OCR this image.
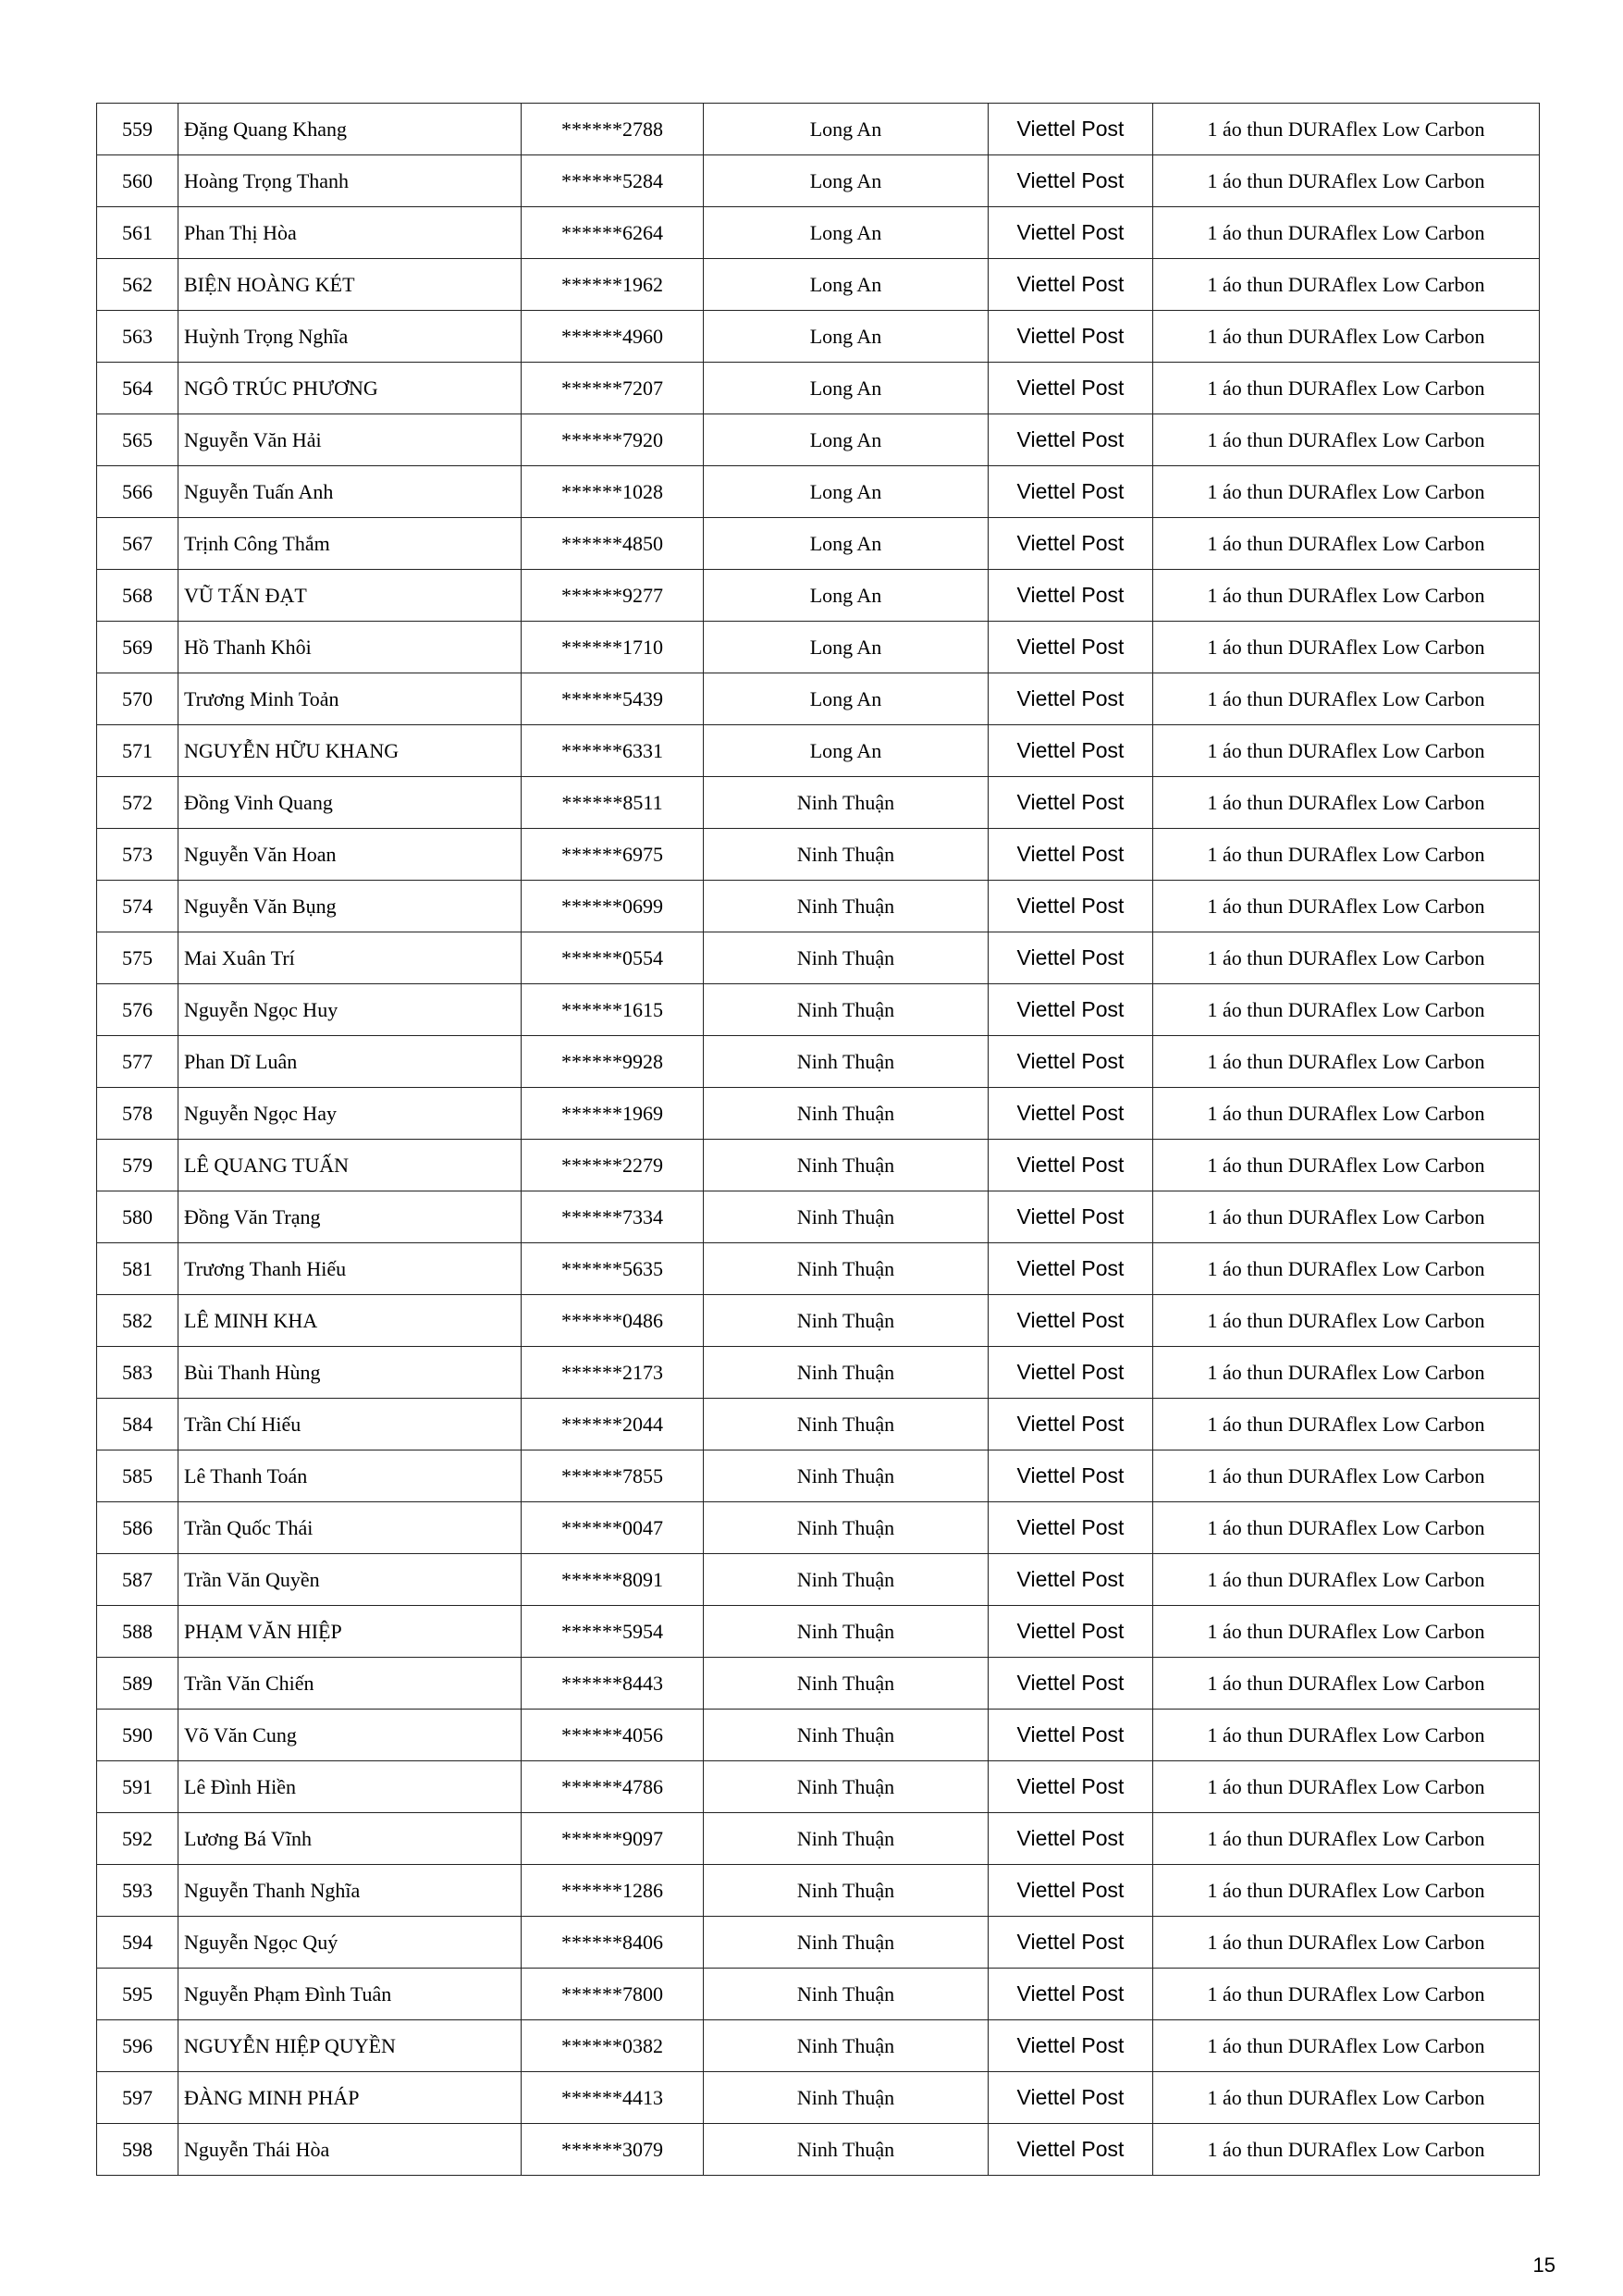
559	Đặng Quang Khang	******2788	Long An	Viettel Post	1 áo thun DURAflex Low Carbon
560	Hoàng Trọng Thanh	******5284	Long An	Viettel Post	1 áo thun DURAflex Low Carbon
561	Phan Thị Hòa	******6264	Long An	Viettel Post	1 áo thun DURAflex Low Carbon
562	BIỆN HOÀNG KÉT	******1962	Long An	Viettel Post	1 áo thun DURAflex Low Carbon
563	Huỳnh Trọng Nghĩa	******4960	Long An	Viettel Post	1 áo thun DURAflex Low Carbon
564	NGÔ TRÚC PHƯƠNG	******7207	Long An	Viettel Post	1 áo thun DURAflex Low Carbon
565	Nguyễn Văn Hải	******7920	Long An	Viettel Post	1 áo thun DURAflex Low Carbon
566	Nguyễn Tuấn Anh	******1028	Long An	Viettel Post	1 áo thun DURAflex Low Carbon
567	Trịnh Công Thắm	******4850	Long An	Viettel Post	1 áo thun DURAflex Low Carbon
568	VŨ TẤN ĐẠT	******9277	Long An	Viettel Post	1 áo thun DURAflex Low Carbon
569	Hồ Thanh Khôi	******1710	Long An	Viettel Post	1 áo thun DURAflex Low Carbon
570	Trương Minh Toản	******5439	Long An	Viettel Post	1 áo thun DURAflex Low Carbon
571	NGUYỄN HỮU KHANG	******6331	Long An	Viettel Post	1 áo thun DURAflex Low Carbon
572	Đồng Vinh Quang	******8511	Ninh Thuận	Viettel Post	1 áo thun DURAflex Low Carbon
573	Nguyễn Văn Hoan	******6975	Ninh Thuận	Viettel Post	1 áo thun DURAflex Low Carbon
574	Nguyễn Văn Bụng	******0699	Ninh Thuận	Viettel Post	1 áo thun DURAflex Low Carbon
575	Mai Xuân Trí	******0554	Ninh Thuận	Viettel Post	1 áo thun DURAflex Low Carbon
576	Nguyễn Ngọc Huy	******1615	Ninh Thuận	Viettel Post	1 áo thun DURAflex Low Carbon
577	Phan Dĩ Luân	******9928	Ninh Thuận	Viettel Post	1 áo thun DURAflex Low Carbon
578	Nguyễn Ngọc Hay	******1969	Ninh Thuận	Viettel Post	1 áo thun DURAflex Low Carbon
579	LÊ QUANG TUẤN	******2279	Ninh Thuận	Viettel Post	1 áo thun DURAflex Low Carbon
580	Đồng Văn Trạng	******7334	Ninh Thuận	Viettel Post	1 áo thun DURAflex Low Carbon
581	Trương Thanh Hiếu	******5635	Ninh Thuận	Viettel Post	1 áo thun DURAflex Low Carbon
582	LÊ MINH KHA	******0486	Ninh Thuận	Viettel Post	1 áo thun DURAflex Low Carbon
583	Bùi Thanh Hùng	******2173	Ninh Thuận	Viettel Post	1 áo thun DURAflex Low Carbon
584	Trần Chí Hiếu	******2044	Ninh Thuận	Viettel Post	1 áo thun DURAflex Low Carbon
585	Lê Thanh Toán	******7855	Ninh Thuận	Viettel Post	1 áo thun DURAflex Low Carbon
586	Trần Quốc Thái	******0047	Ninh Thuận	Viettel Post	1 áo thun DURAflex Low Carbon
587	Trần Văn Quyền	******8091	Ninh Thuận	Viettel Post	1 áo thun DURAflex Low Carbon
588	PHẠM VĂN HIỆP	******5954	Ninh Thuận	Viettel Post	1 áo thun DURAflex Low Carbon
589	Trần Văn Chiến	******8443	Ninh Thuận	Viettel Post	1 áo thun DURAflex Low Carbon
590	Võ Văn Cung	******4056	Ninh Thuận	Viettel Post	1 áo thun DURAflex Low Carbon
591	Lê Đình Hiền	******4786	Ninh Thuận	Viettel Post	1 áo thun DURAflex Low Carbon
592	Lương Bá Vĩnh	******9097	Ninh Thuận	Viettel Post	1 áo thun DURAflex Low Carbon
593	Nguyễn Thanh Nghĩa	******1286	Ninh Thuận	Viettel Post	1 áo thun DURAflex Low Carbon
594	Nguyễn Ngọc Quý	******8406	Ninh Thuận	Viettel Post	1 áo thun DURAflex Low Carbon
595	Nguyễn Phạm Đình Tuân	******7800	Ninh Thuận	Viettel Post	1 áo thun DURAflex Low Carbon
596	NGUYỄN HIỆP QUYỀN	******0382	Ninh Thuận	Viettel Post	1 áo thun DURAflex Low Carbon
597	ĐÀNG MINH PHÁP	******4413	Ninh Thuận	Viettel Post	1 áo thun DURAflex Low Carbon
598	Nguyễn Thái Hòa	******3079	Ninh Thuận	Viettel Post	1 áo thun DURAflex Low Carbon
15
